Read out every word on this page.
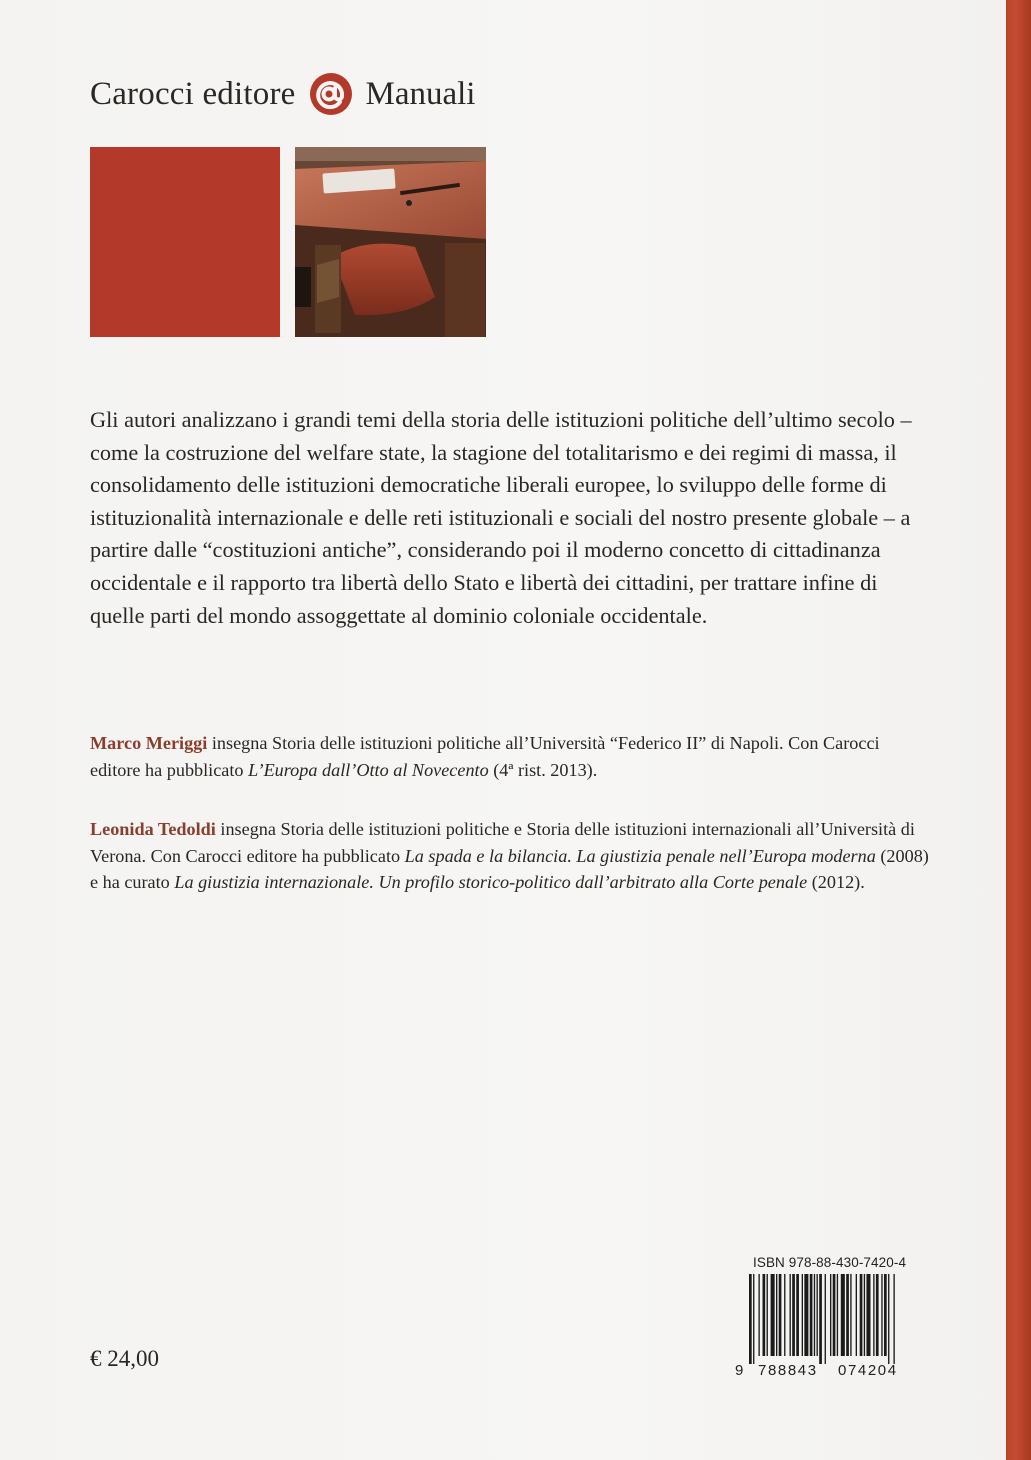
Carocci editore Manuali

Gli autori analizzano i grandi temi della storia delle istituzioni politiche dell’ultimo secolo – come la costruzione del welfare state, la stagione del totalitarismo e dei regimi di massa, il consolidamento delle istituzioni democratiche liberali europee, lo sviluppo delle forme di istituzionalità internazionale e delle reti istituzionali e sociali del nostro presente globale – a partire dalle “costituzioni antiche”, considerando poi il moderno concetto di cittadinanza occidentale e il rapporto tra libertà dello Stato e libertà dei cittadini, per trattare infine di quelle parti del mondo assoggettate al dominio coloniale occidentale.

Marco Meriggi insegna Storia delle istituzioni politiche all’Università “Federico II” di Napoli. Con Carocci editore ha pubblicato L’Europa dall’Otto al Novecento (4ª rist. 2013).

Leonida Tedoldi insegna Storia delle istituzioni politiche e Storia delle istituzioni internazionali all’Università di Verona. Con Carocci editore ha pubblicato La spada e la bilancia. La giustizia penale nell’Europa moderna (2008) e ha curato La giustizia internazionale. Un profilo storico-politico dall’arbitrato alla Corte penale (2012).

€ 24,00
ISBN 978-88-430-7420-4
9 788843 074204
